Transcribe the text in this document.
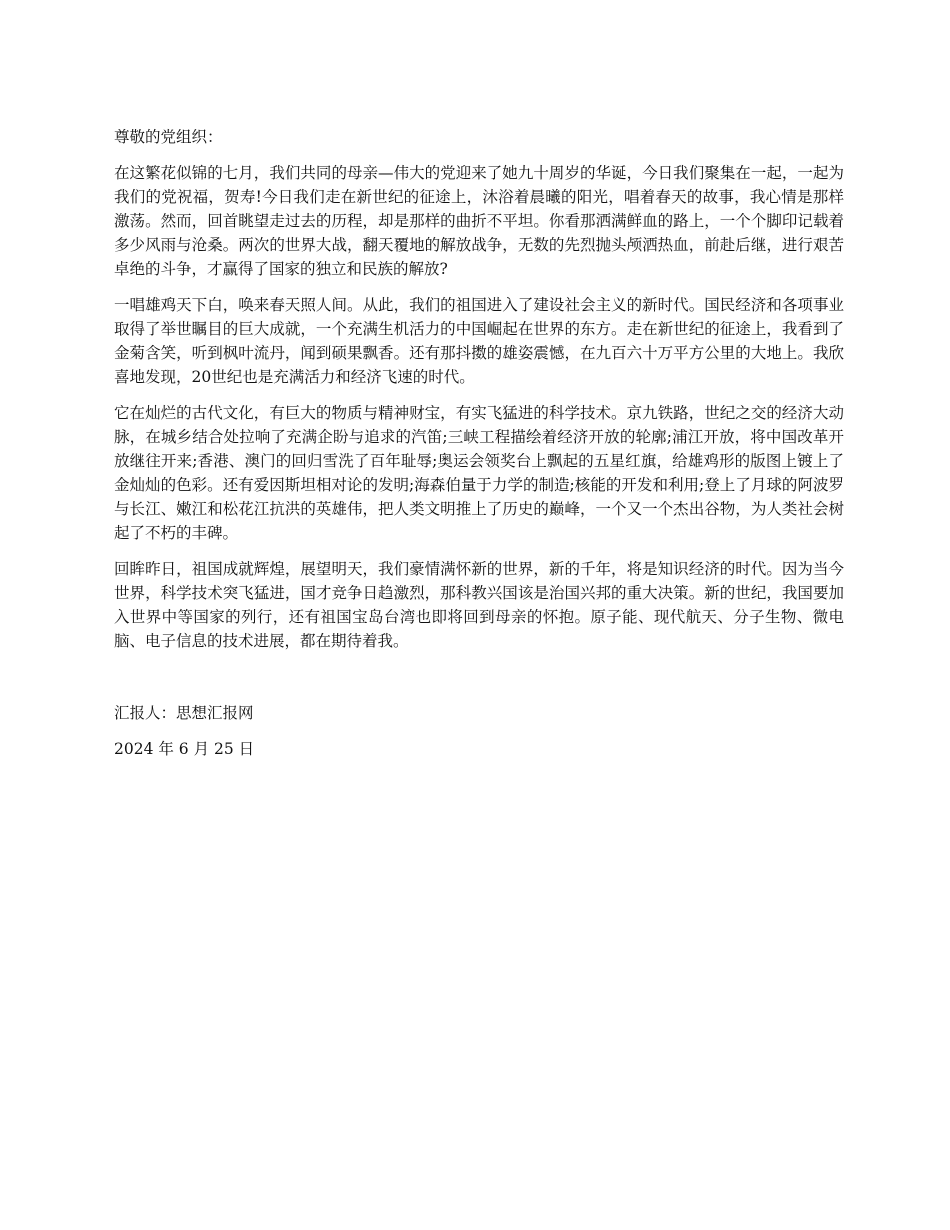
尊敬的党组织：
在这繁花似锦的七月，我们共同的母亲—伟大的党迎来了她九十周岁的华诞，今日我们聚集在一起，一起为我们的党祝福，贺寿!今日我们走在新世纪的征途上，沐浴着晨曦的阳光，唱着春天的故事，我心情是那样激荡。然而，回首眺望走过去的历程，却是那样的曲折不平坦。你看那洒满鲜血的路上，一个个脚印记载着多少风雨与沧桑。两次的世界大战，翻天覆地的解放战争，无数的先烈抛头颅洒热血，前赴后继，进行艰苦卓绝的斗争，才赢得了国家的独立和民族的解放?
一唱雄鸡天下白，唤来春天照人间。从此，我们的祖国进入了建设社会主义的新时代。国民经济和各项事业取得了举世瞩目的巨大成就，一个充满生机活力的中国崛起在世界的东方。走在新世纪的征途上，我看到了金菊含笑，听到枫叶流丹，闻到硕果飘香。还有那抖擞的雄姿震憾，在九百六十万平方公里的大地上。我欣喜地发现，20世纪也是充满活力和经济飞速的时代。
它在灿烂的古代文化，有巨大的物质与精神财宝，有实飞猛进的科学技术。京九铁路，世纪之交的经济大动脉，在城乡结合处拉响了充满企盼与追求的汽笛;三峡工程描绘着经济开放的轮廓;浦江开放，将中国改革开放继往开来;香港、澳门的回归雪洗了百年耻辱;奥运会领奖台上飘起的五星红旗，给雄鸡形的版图上镀上了金灿灿的色彩。还有爱因斯坦相对论的发明;海森伯量于力学的制造;核能的开发和利用;登上了月球的阿波罗与长江、嫩江和松花江抗洪的英雄伟，把人类文明推上了历史的巅峰，一个又一个杰出谷物，为人类社会树起了不朽的丰碑。
回眸昨日，祖国成就辉煌，展望明天，我们豪情满怀新的世界，新的千年，将是知识经济的时代。因为当今世界，科学技术突飞猛进，国才竞争日趋激烈，那科教兴国该是治国兴邦的重大决策。新的世纪，我国要加入世界中等国家的列行，还有祖国宝岛台湾也即将回到母亲的怀抱。原子能、现代航天、分子生物、微电脑、电子信息的技术进展，都在期待着我。
汇报人：思想汇报网
2024 年 6 月 25 日
